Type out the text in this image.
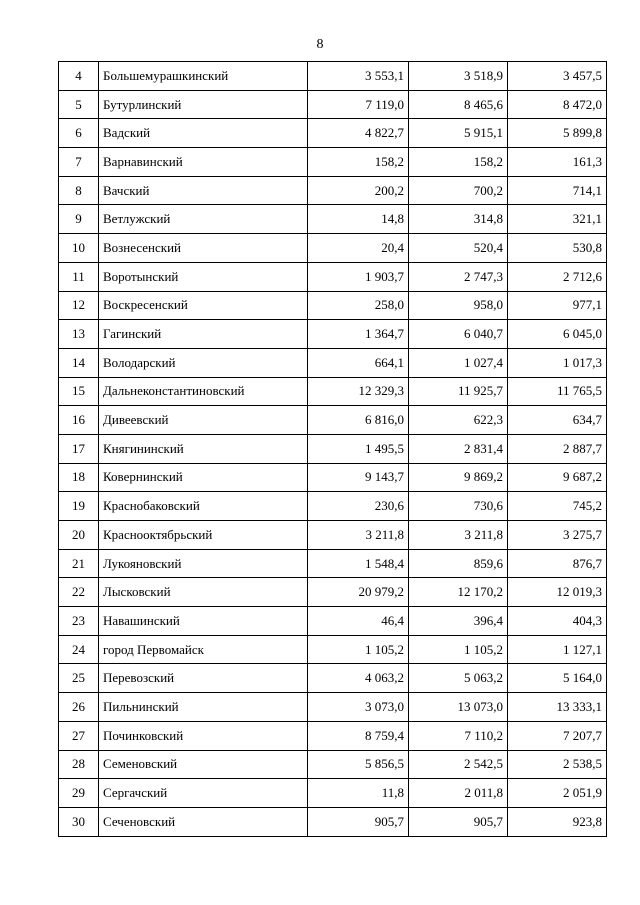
8
4	Большемурашкинский	3 553,1	3 518,9	3 457,5
5	Бутурлинский	7 119,0	8 465,6	8 472,0
6	Вадский	4 822,7	5 915,1	5 899,8
7	Варнавинский	158,2	158,2	161,3
8	Вачский	200,2	700,2	714,1
9	Ветлужский	14,8	314,8	321,1
10	Вознесенский	20,4	520,4	530,8
11	Воротынский	1 903,7	2 747,3	2 712,6
12	Воскресенский	258,0	958,0	977,1
13	Гагинский	1 364,7	6 040,7	6 045,0
14	Володарский	664,1	1 027,4	1 017,3
15	Дальнеконстантиновский	12 329,3	11 925,7	11 765,5
16	Дивеевский	6 816,0	622,3	634,7
17	Княгининский	1 495,5	2 831,4	2 887,7
18	Ковернинский	9 143,7	9 869,2	9 687,2
19	Краснобаковский	230,6	730,6	745,2
20	Краснооктябрьский	3 211,8	3 211,8	3 275,7
21	Лукояновский	1 548,4	859,6	876,7
22	Лысковский	20 979,2	12 170,2	12 019,3
23	Навашинский	46,4	396,4	404,3
24	город Первомайск	1 105,2	1 105,2	1 127,1
25	Перевозский	4 063,2	5 063,2	5 164,0
26	Пильнинский	3 073,0	13 073,0	13 333,1
27	Починковский	8 759,4	7 110,2	7 207,7
28	Семеновский	5 856,5	2 542,5	2 538,5
29	Сергачский	11,8	2 011,8	2 051,9
30	Сеченовский	905,7	905,7	923,8
